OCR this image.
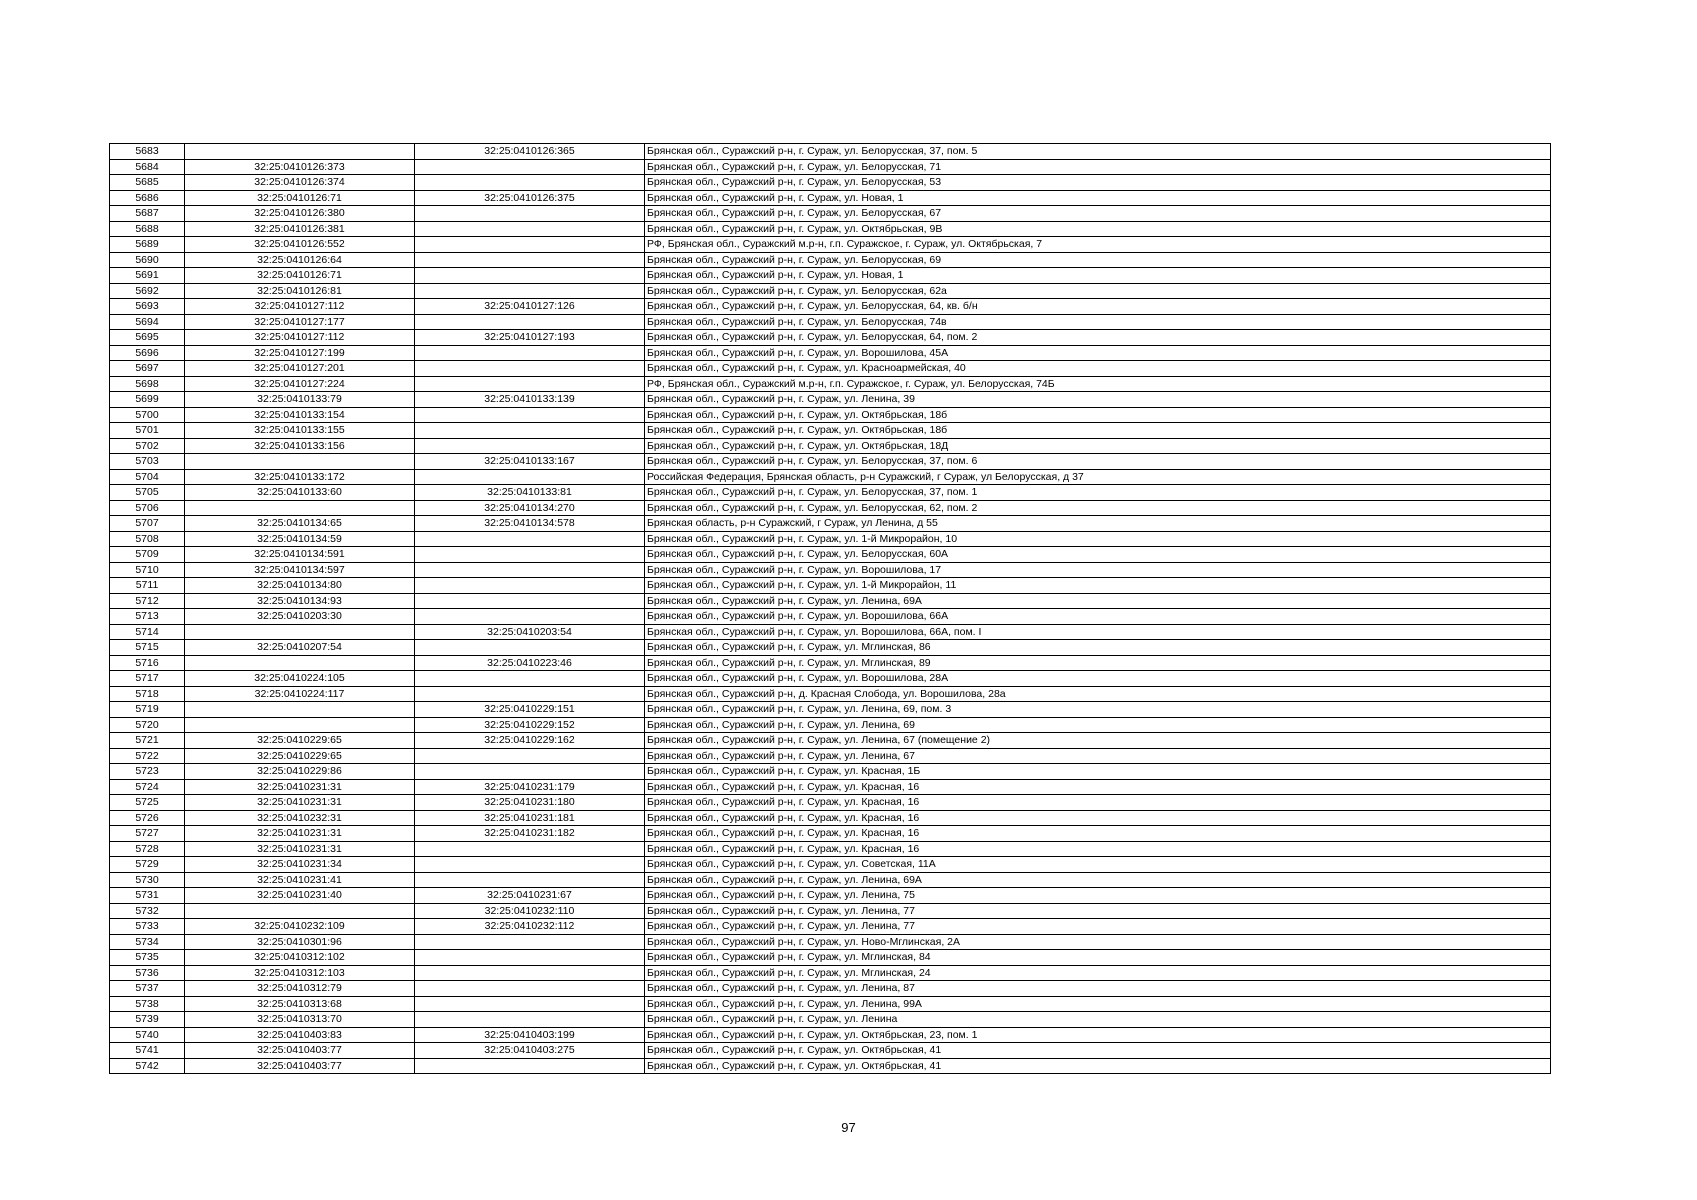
5683		32:25:0410126:365	Брянская обл., Суражский р-н, г. Сураж, ул. Белорусская, 37, пом. 5
5684	32:25:0410126:373		Брянская обл., Суражский р-н, г. Сураж, ул. Белорусская, 71
5685	32:25:0410126:374		Брянская обл., Суражский р-н, г. Сураж, ул. Белорусская, 53
5686	32:25:0410126:71	32:25:0410126:375	Брянская обл., Суражский р-н, г. Сураж, ул. Новая, 1
5687	32:25:0410126:380		Брянская обл., Суражский р-н, г. Сураж, ул. Белорусская, 67
5688	32:25:0410126:381		Брянская обл., Суражский р-н, г. Сураж, ул. Октябрьская, 9В
5689	32:25:0410126:552		РФ, Брянская обл., Суражский м.р-н, г.п. Суражское, г. Сураж, ул. Октябрьская, 7
5690	32:25:0410126:64		Брянская обл., Суражский р-н, г. Сураж, ул. Белорусская, 69
5691	32:25:0410126:71		Брянская обл., Суражский р-н, г. Сураж, ул. Новая, 1
5692	32:25:0410126:81		Брянская обл., Суражский р-н, г. Сураж, ул. Белорусская, 62а
5693	32:25:0410127:112	32:25:0410127:126	Брянская обл., Суражский р-н, г. Сураж, ул. Белорусская, 64, кв. б/н
5694	32:25:0410127:177		Брянская обл., Суражский р-н, г. Сураж, ул. Белорусская, 74в
5695	32:25:0410127:112	32:25:0410127:193	Брянская обл., Суражский р-н, г. Сураж, ул. Белорусская, 64, пом. 2
5696	32:25:0410127:199		Брянская обл., Суражский р-н, г. Сураж, ул. Ворошилова, 45А
5697	32:25:0410127:201		Брянская обл., Суражский р-н, г. Сураж, ул. Красноармейская, 40
5698	32:25:0410127:224		РФ, Брянская обл., Суражский м.р-н, г.п. Суражское, г. Сураж, ул. Белорусская, 74Б
5699	32:25:0410133:79	32:25:0410133:139	Брянская обл., Суражский р-н, г. Сураж, ул. Ленина, 39
5700	32:25:0410133:154		Брянская обл., Суражский р-н, г. Сураж, ул. Октябрьская, 18б
5701	32:25:0410133:155		Брянская обл., Суражский р-н, г. Сураж, ул. Октябрьская, 18б
5702	32:25:0410133:156		Брянская обл., Суражский р-н, г. Сураж, ул. Октябрьская, 18Д
5703		32:25:0410133:167	Брянская обл., Суражский р-н, г. Сураж, ул. Белорусская, 37, пом. 6
5704	32:25:0410133:172		Российская Федерация, Брянская область, р-н Суражский, г Сураж, ул Белорусская, д 37
5705	32:25:0410133:60	32:25:0410133:81	Брянская обл., Суражский р-н, г. Сураж, ул. Белорусская, 37, пом. 1
5706		32:25:0410134:270	Брянская обл., Суражский р-н, г. Сураж, ул. Белорусская, 62, пом. 2
5707	32:25:0410134:65	32:25:0410134:578	Брянская область, р-н Суражский, г Сураж, ул Ленина, д 55
5708	32:25:0410134:59		Брянская обл., Суражский р-н, г. Сураж, ул. 1-й Микрорайон, 10
5709	32:25:0410134:591		Брянская обл., Суражский р-н, г. Сураж, ул. Белорусская, 60А
5710	32:25:0410134:597		Брянская обл., Суражский р-н, г. Сураж, ул. Ворошилова, 17
5711	32:25:0410134:80		Брянская обл., Суражский р-н, г. Сураж, ул. 1-й Микрорайон, 11
5712	32:25:0410134:93		Брянская обл., Суражский р-н, г. Сураж, ул. Ленина, 69А
5713	32:25:0410203:30		Брянская обл., Суражский р-н, г. Сураж, ул. Ворошилова, 66А
5714		32:25:0410203:54	Брянская обл., Суражский р-н, г. Сураж, ул. Ворошилова, 66А, пом. I
5715	32:25:0410207:54		Брянская обл., Суражский р-н, г. Сураж, ул. Мглинская, 86
5716		32:25:0410223:46	Брянская обл., Суражский р-н, г. Сураж, ул. Мглинская, 89
5717	32:25:0410224:105		Брянская обл., Суражский р-н, г. Сураж, ул. Ворошилова, 28А
5718	32:25:0410224:117		Брянская обл., Суражский р-н, д. Красная Слобода, ул. Ворошилова, 28а
5719		32:25:0410229:151	Брянская обл., Суражский р-н, г. Сураж, ул. Ленина, 69, пом. 3
5720		32:25:0410229:152	Брянская обл., Суражский р-н, г. Сураж, ул. Ленина, 69
5721	32:25:0410229:65	32:25:0410229:162	Брянская обл., Суражский р-н, г. Сураж, ул. Ленина, 67 (помещение 2)
5722	32:25:0410229:65		Брянская обл., Суражский р-н, г. Сураж, ул. Ленина, 67
5723	32:25:0410229:86		Брянская обл., Суражский р-н, г. Сураж, ул. Красная, 1Б
5724	32:25:0410231:31	32:25:0410231:179	Брянская обл., Суражский р-н, г. Сураж, ул. Красная, 16
5725	32:25:0410231:31	32:25:0410231:180	Брянская обл., Суражский р-н, г. Сураж, ул. Красная, 16
5726	32:25:0410232:31	32:25:0410231:181	Брянская обл., Суражский р-н, г. Сураж, ул. Красная, 16
5727	32:25:0410231:31	32:25:0410231:182	Брянская обл., Суражский р-н, г. Сураж, ул. Красная, 16
5728	32:25:0410231:31		Брянская обл., Суражский р-н, г. Сураж, ул. Красная, 16
5729	32:25:0410231:34		Брянская обл., Суражский р-н, г. Сураж, ул. Советская, 11А
5730	32:25:0410231:41		Брянская обл., Суражский р-н, г. Сураж, ул. Ленина, 69А
5731	32:25:0410231:40	32:25:0410231:67	Брянская обл., Суражский р-н, г. Сураж, ул. Ленина, 75
5732		32:25:0410232:110	Брянская обл., Суражский р-н, г. Сураж, ул. Ленина, 77
5733	32:25:0410232:109	32:25:0410232:112	Брянская обл., Суражский р-н, г. Сураж, ул. Ленина, 77
5734	32:25:0410301:96		Брянская обл., Суражский р-н, г. Сураж, ул. Ново-Мглинская, 2А
5735	32:25:0410312:102		Брянская обл., Суражский р-н, г. Сураж, ул. Мглинская, 84
5736	32:25:0410312:103		Брянская обл., Суражский р-н, г. Сураж, ул. Мглинская, 24
5737	32:25:0410312:79		Брянская обл., Суражский р-н, г. Сураж, ул. Ленина, 87
5738	32:25:0410313:68		Брянская обл., Суражский р-н, г. Сураж, ул. Ленина, 99А
5739	32:25:0410313:70		Брянская обл., Суражский р-н, г. Сураж, ул. Ленина
5740	32:25:0410403:83	32:25:0410403:199	Брянская обл., Суражский р-н, г. Сураж, ул. Октябрьская, 23, пом. 1
5741	32:25:0410403:77	32:25:0410403:275	Брянская обл., Суражский р-н, г. Сураж, ул. Октябрьская, 41
5742	32:25:0410403:77		Брянская обл., Суражский р-н, г. Сураж, ул. Октябрьская, 41
97
